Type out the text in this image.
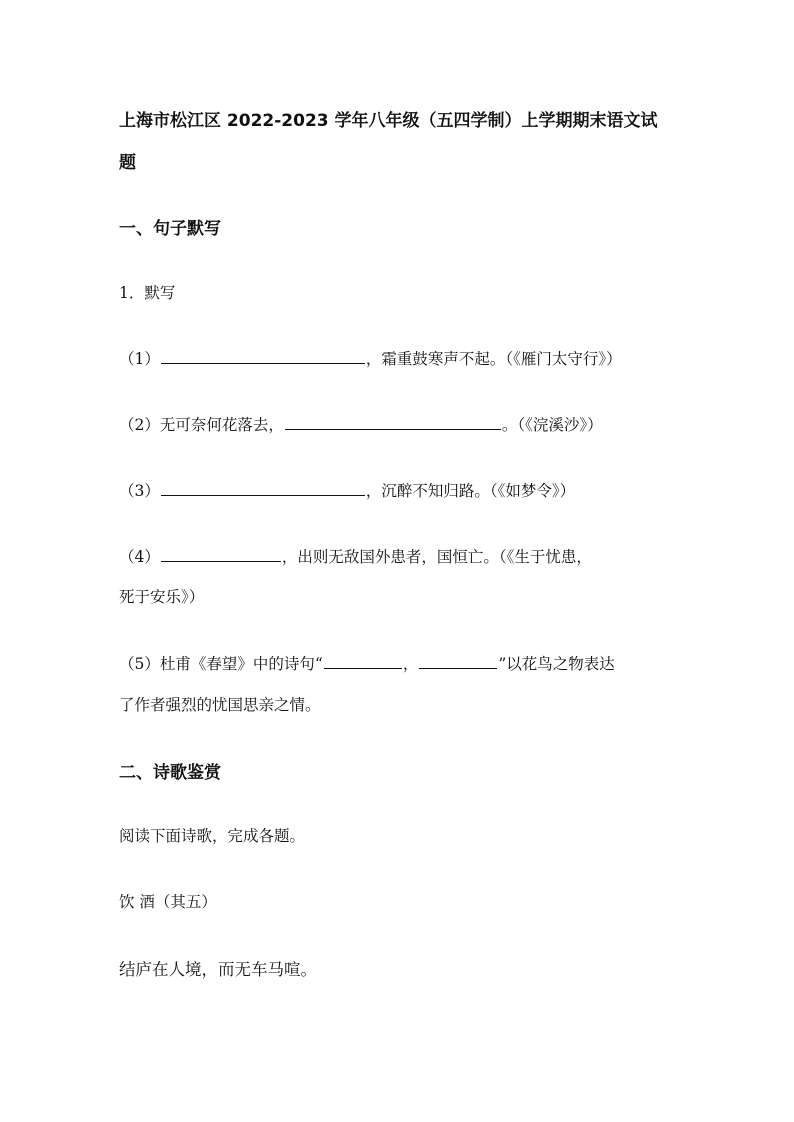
上海市松江区 2022-2023 学年八年级（五四学制）上学期期末语文试
题
一、句子默写
1．默写
（1）	，霜重鼓寒声不起。（《雁门太守行》）
（2）无可奈何花落去，	。（《浣溪沙》）
（3）	，沉醉不知归路。（《如梦令》）
（4）	，出则无敌国外患者，国恒亡。（《生于忧患，
死于安乐》）
（5）杜甫《春望》中的诗句“	，	”以花鸟之物表达
了作者强烈的忧国思亲之情。
二、诗歌鉴赏
阅读下面诗歌，完成各题。
饮 酒（其五）
结庐在人境，而无车马喧。
